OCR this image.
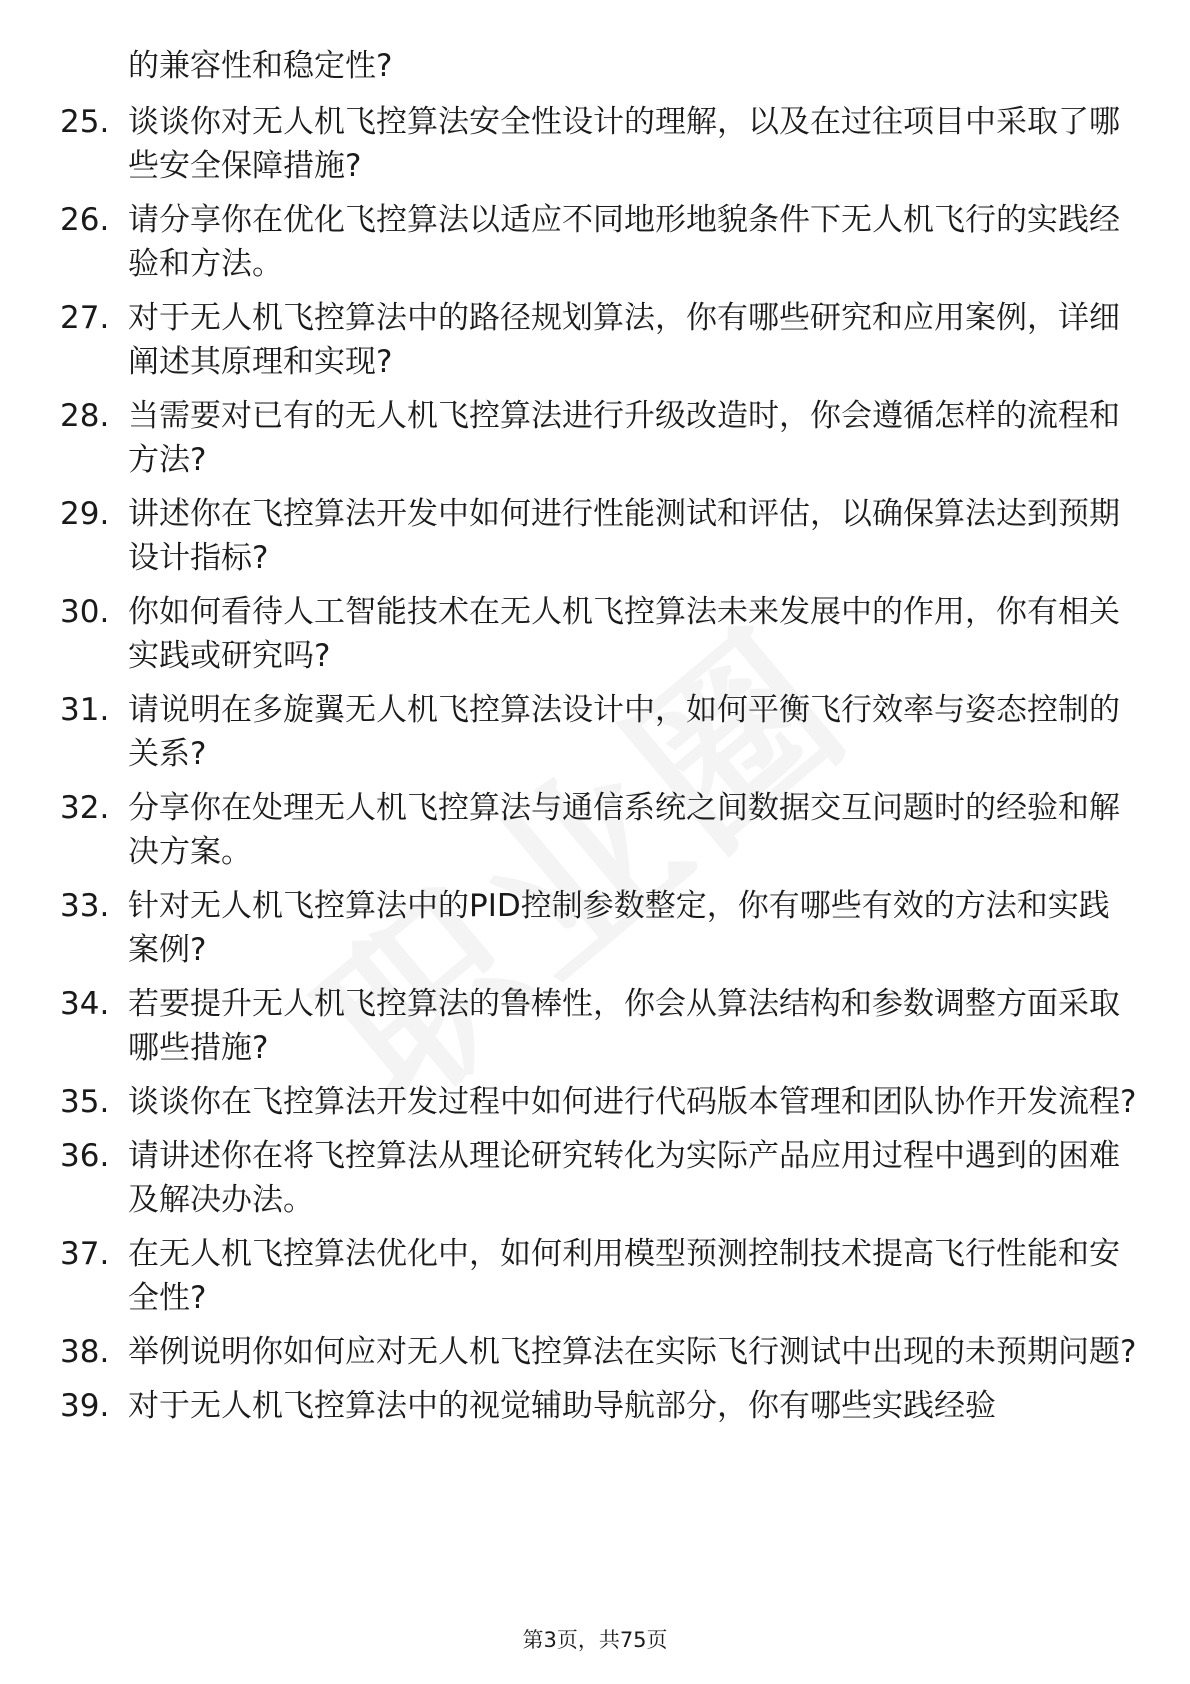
的兼容性和稳定性?
25. 谈谈你对无人机飞控算法安全性设计的理解，以及在过往项目中采取了哪些安全保障措施?
26. 请分享你在优化飞控算法以适应不同地形地貌条件下无人机飞行的实践经验和方法。
27. 对于无人机飞控算法中的路径规划算法，你有哪些研究和应用案例，详细阐述其原理和实现?
28. 当需要对已有的无人机飞控算法进行升级改造时，你会遵循怎样的流程和方法?
29. 讲述你在飞控算法开发中如何进行性能测试和评估，以确保算法达到预期设计指标?
30. 你如何看待人工智能技术在无人机飞控算法未来发展中的作用，你有相关实践或研究吗?
31. 请说明在多旋翼无人机飞控算法设计中，如何平衡飞行效率与姿态控制的关系?
32. 分享你在处理无人机飞控算法与通信系统之间数据交互问题时的经验和解决方案。
33. 针对无人机飞控算法中的PID控制参数整定，你有哪些有效的方法和实践案例?
34. 若要提升无人机飞控算法的鲁棒性，你会从算法结构和参数调整方面采取哪些措施?
35. 谈谈你在飞控算法开发过程中如何进行代码版本管理和团队协作开发流程?
36. 请讲述你在将飞控算法从理论研究转化为实际产品应用过程中遇到的困难及解决办法。
37. 在无人机飞控算法优化中，如何利用模型预测控制技术提高飞行性能和安全性?
38. 举例说明你如何应对无人机飞控算法在实际飞行测试中出现的未预期问题?
39. 对于无人机飞控算法中的视觉辅助导航部分，你有哪些实践经验
第3页，共75页
